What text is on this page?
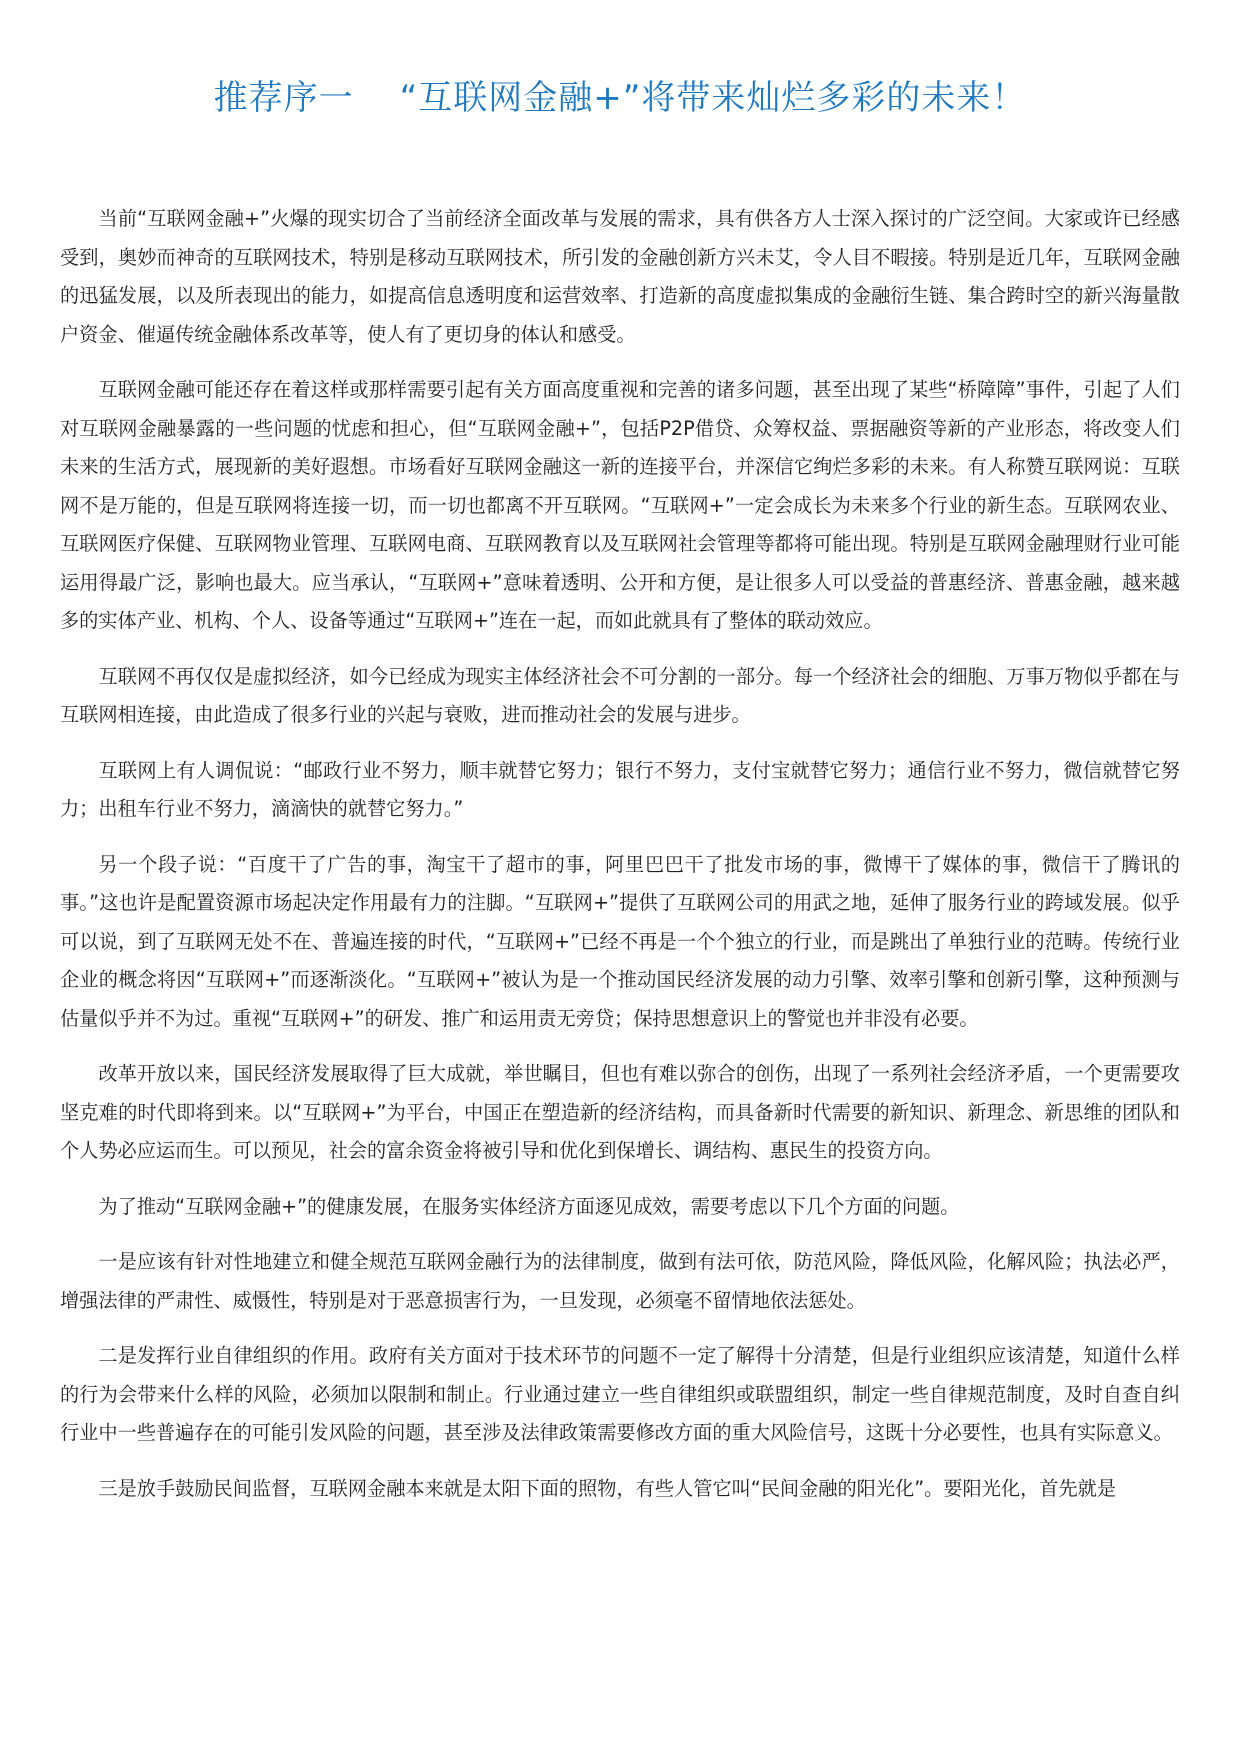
推荐序一 “互联网金融+”将带来灿烂多彩的未来！

当前“互联网金融+”火爆的现实切合了当前经济全面改革与发展的需求，具有供各方人士深入探讨的广泛空间。大家或许已经感受到，奥妙而神奇的互联网技术，特别是移动互联网技术，所引发的金融创新方兴未艾，令人目不暇接。特别是近几年，互联网金融的迅猛发展，以及所表现出的能力，如提高信息透明度和运营效率、打造新的高度虚拟集成的金融衍生链、集合跨时空的新兴海量散户资金、催逼传统金融体系改革等，使人有了更切身的体认和感受。

互联网金融可能还存在着这样或那样需要引起有关方面高度重视和完善的诸多问题，甚至出现了某些“桥障障”事件，引起了人们对互联网金融暴露的一些问题的忧虑和担心，但“互联网金融+”，包括P2P借贷、众筹权益、票据融资等新的产业形态，将改变人们未来的生活方式，展现新的美好遐想。市场看好互联网金融这一新的连接平台，并深信它绚烂多彩的未来。有人称赞互联网说：互联网不是万能的，但是互联网将连接一切，而一切也都离不开互联网。“互联网+”一定会成长为未来多个行业的新生态。互联网农业、互联网医疗保健、互联网物业管理、互联网电商、互联网教育以及互联网社会管理等都将可能出现。特别是互联网金融理财行业可能运用得最广泛，影响也最大。应当承认，“互联网+”意味着透明、公开和方便，是让很多人可以受益的普惠经济、普惠金融，越来越多的实体产业、机构、个人、设备等通过“互联网+”连在一起，而如此就具有了整体的联动效应。

互联网不再仅仅是虚拟经济，如今已经成为现实主体经济社会不可分割的一部分。每一个经济社会的细胞、万事万物似乎都在与互联网相连接，由此造成了很多行业的兴起与衰败，进而推动社会的发展与进步。

互联网上有人调侃说：“邮政行业不努力，顺丰就替它努力；银行不努力，支付宝就替它努力；通信行业不努力，微信就替它努力；出租车行业不努力，滴滴快的就替它努力。”

另一个段子说：“百度干了广告的事，淘宝干了超市的事，阿里巴巴干了批发市场的事，微博干了媒体的事，微信干了腾讯的事。”这也许是配置资源市场起决定作用最有力的注脚。“互联网+”提供了互联网公司的用武之地，延伸了服务行业的跨域发展。似乎可以说，到了互联网无处不在、普遍连接的时代，“互联网+”已经不再是一个个独立的行业，而是跳出了单独行业的范畴。传统行业企业的概念将因“互联网+”而逐渐淡化。“互联网+”被认为是一个推动国民经济发展的动力引擎、效率引擎和创新引擎，这种预测与估量似乎并不为过。重视“互联网+”的研发、推广和运用责无旁贷；保持思想意识上的警觉也并非没有必要。

改革开放以来，国民经济发展取得了巨大成就，举世瞩目，但也有难以弥合的创伤，出现了一系列社会经济矛盾，一个更需要攻坚克难的时代即将到来。以“互联网+”为平台，中国正在塑造新的经济结构，而具备新时代需要的新知识、新理念、新思维的团队和个人势必应运而生。可以预见，社会的富余资金将被引导和优化到保增长、调结构、惠民生的投资方向。

为了推动“互联网金融+”的健康发展，在服务实体经济方面逐见成效，需要考虑以下几个方面的问题。

一是应该有针对性地建立和健全规范互联网金融行为的法律制度，做到有法可依，防范风险，降低风险，化解风险；执法必严，增强法律的严肃性、威慑性，特别是对于恶意损害行为，一旦发现，必须毫不留情地依法惩处。

二是发挥行业自律组织的作用。政府有关方面对于技术环节的问题不一定了解得十分清楚，但是行业组织应该清楚，知道什么样的行为会带来什么样的风险，必须加以限制和制止。行业通过建立一些自律组织或联盟组织，制定一些自律规范制度，及时自查自纠行业中一些普遍存在的可能引发风险的问题，甚至涉及法律政策需要修改方面的重大风险信号，这既十分必要性，也具有实际意义。

三是放手鼓励民间监督，互联网金融本来就是太阳下面的照物，有些人管它叫“民间金融的阳光化”。要阳光化，首先就是
